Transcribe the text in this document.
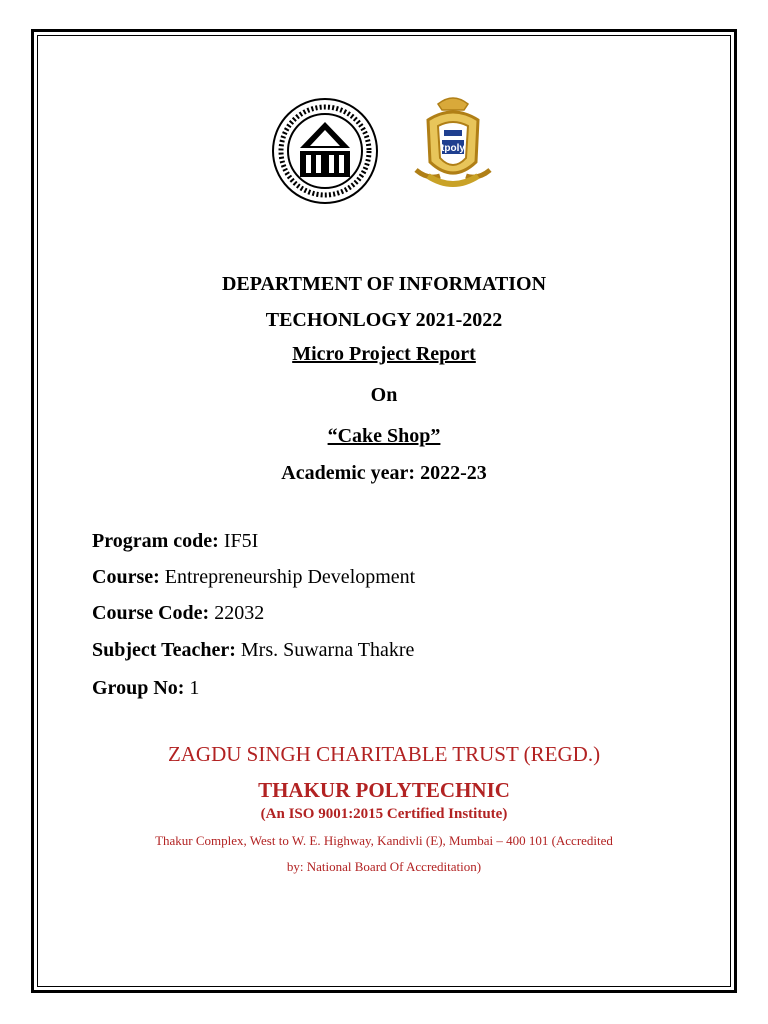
tpoly
DEPARTMENT OF INFORMATION
TECHONLOGY 2021-2022
Micro Project Report
On
“Cake Shop”
Academic year: 2022-23
Program code: IF5I
Course: Entrepreneurship Development
Course Code: 22032
Subject Teacher: Mrs. Suwarna Thakre
Group No: 1
ZAGDU SINGH CHARITABLE TRUST (REGD.)
THAKUR POLYTECHNIC
(An ISO 9001:2015 Certified Institute)
Thakur Complex, West to W. E. Highway, Kandivli (E), Mumbai – 400 101 (Accredited
by: National Board Of Accreditation)
